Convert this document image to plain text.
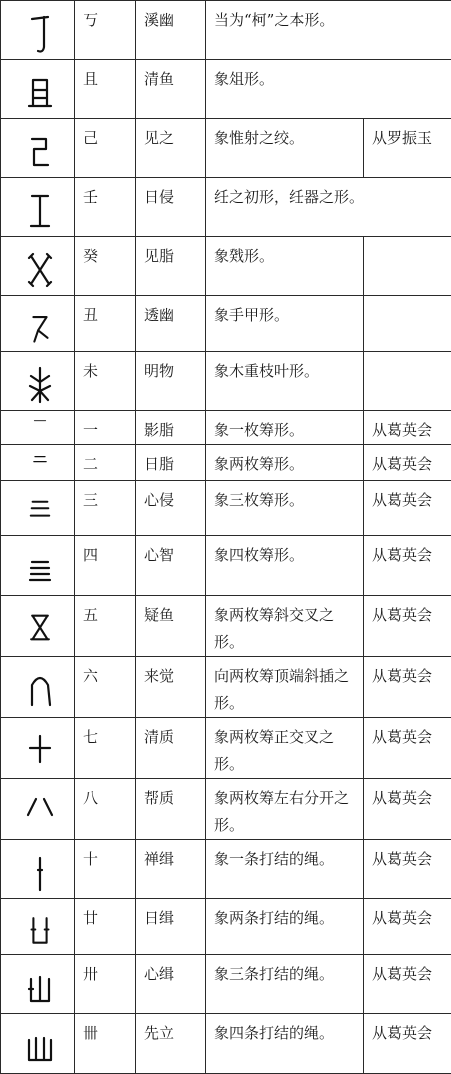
	丂	溪幽	当为“柯”之本形。	

	且	清鱼	象俎形。	

	己	见之	象惟射之绞。	从罗振玉

	壬	日侵	纴之初形，纴器之形。	

	癸	见脂	象戣形。	

	丑	透幽	象手甲形。	

	未	明物	象木重枝叶形。	

	一	影脂	象一枚筹形。	从葛英会

	二	日脂	象两枚筹形。	从葛英会

	三	心侵	象三枚筹形。	从葛英会

	四	心智	象四枚筹形。	从葛英会

	五	疑鱼	象两枚筹斜交叉之形。	从葛英会

	六	来觉	向两枚筹顶端斜插之形。	从葛英会

	七	清质	象两枚筹正交叉之形。	从葛英会

	八	帮质	象两枚筹左右分开之形。	从葛英会

	十	禅缉	象一条打结的绳。	从葛英会

	廿	日缉	象两条打结的绳。	从葛英会

	卅	心缉	象三条打结的绳。	从葛英会

	卌	先立	象四条打结的绳。	从葛英会
